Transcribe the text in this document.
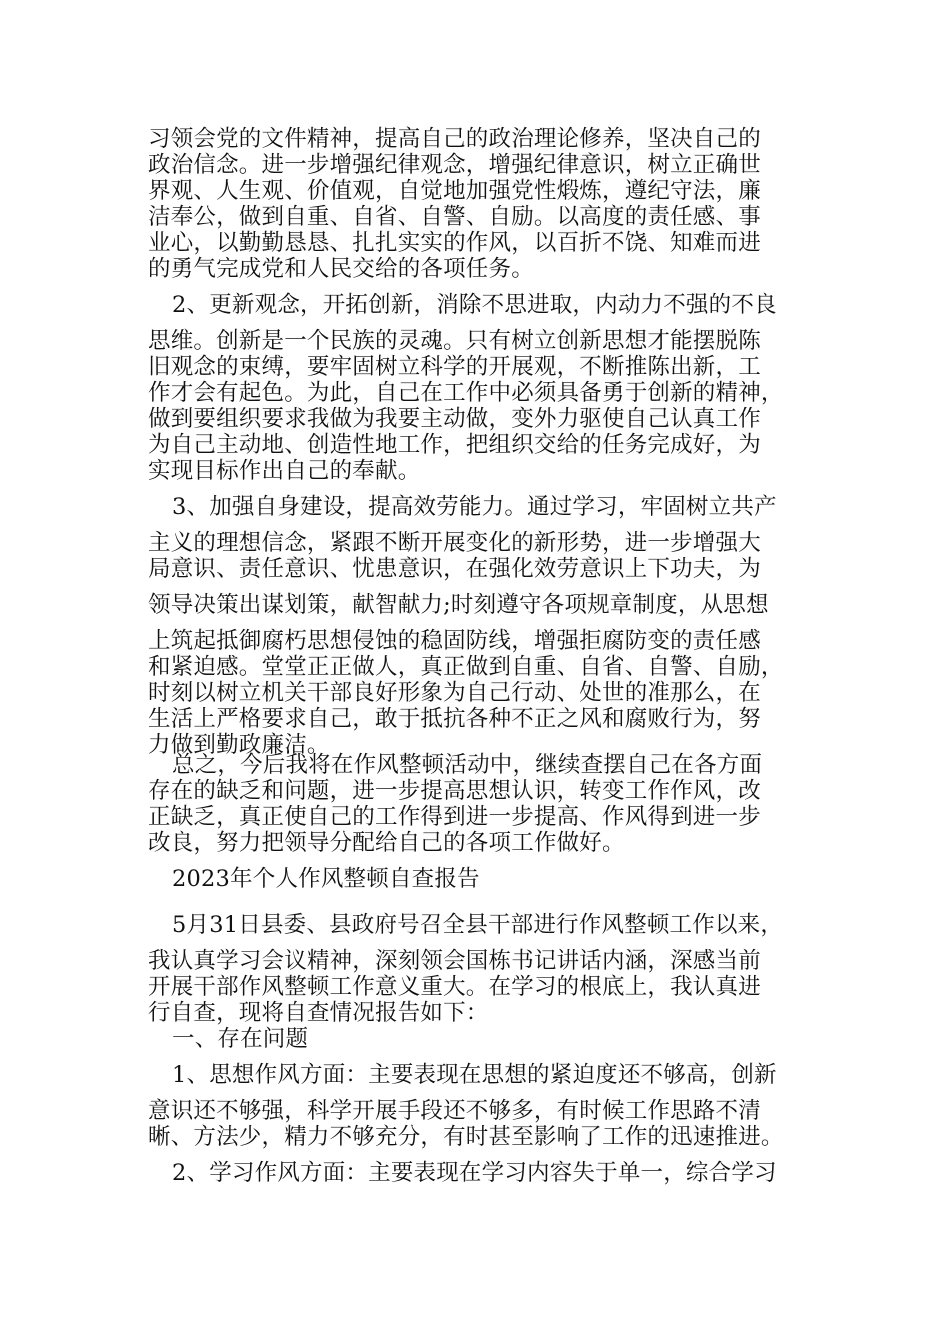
习领会党的文件精神，提高自己的政治理论修养，坚决自己的
政治信念。进一步增强纪律观念，增强纪律意识，树立正确世
界观、人生观、价值观，自觉地加强党性煅炼，遵纪守法，廉
洁奉公，做到自重、自省、自警、自励。以高度的责任感、事
业心，以勤勤恳恳、扎扎实实的作风，以百折不饶、知难而进
的勇气完成党和人民交给的各项任务。
2、更新观念，开拓创新，消除不思进取，内动力不强的不良
思维。创新是一个民族的灵魂。只有树立创新思想才能摆脱陈
旧观念的束缚，要牢固树立科学的开展观，不断推陈出新，工
作才会有起色。为此，自己在工作中必须具备勇于创新的精神，
做到要组织要求我做为我要主动做，变外力驱使自己认真工作
为自己主动地、创造性地工作，把组织交给的任务完成好，为
实现目标作出自己的奉献。
3、加强自身建设，提高效劳能力。通过学习，牢固树立共产
主义的理想信念，紧跟不断开展变化的新形势，进一步增强大
局意识、责任意识、忧患意识，在强化效劳意识上下功夫，为
领导决策出谋划策，献智献力;时刻遵守各项规章制度，从思想
上筑起抵御腐朽思想侵蚀的稳固防线，增强拒腐防变的责任感
和紧迫感。堂堂正正做人，真正做到自重、自省、自警、自励，
时刻以树立机关干部良好形象为自己行动、处世的准那么，在
生活上严格要求自己，敢于抵抗各种不正之风和腐败行为，努
力做到勤政廉洁。
总之，今后我将在作风整顿活动中，继续查摆自己在各方面
存在的缺乏和问题，进一步提高思想认识，转变工作作风，改
正缺乏，真正使自己的工作得到进一步提高、作风得到进一步
改良，努力把领导分配给自己的各项工作做好。
2023年个人作风整顿自查报告
5月31日县委、县政府号召全县干部进行作风整顿工作以来，
我认真学习会议精神，深刻领会国栋书记讲话内涵，深感当前
开展干部作风整顿工作意义重大。在学习的根底上，我认真进
行自查，现将自查情况报告如下：
一、存在问题
1、思想作风方面：主要表现在思想的紧迫度还不够高，创新
意识还不够强，科学开展手段还不够多，有时候工作思路不清
晰、方法少，精力不够充分，有时甚至影响了工作的迅速推进。
2、学习作风方面：主要表现在学习内容失于单一，综合学习
